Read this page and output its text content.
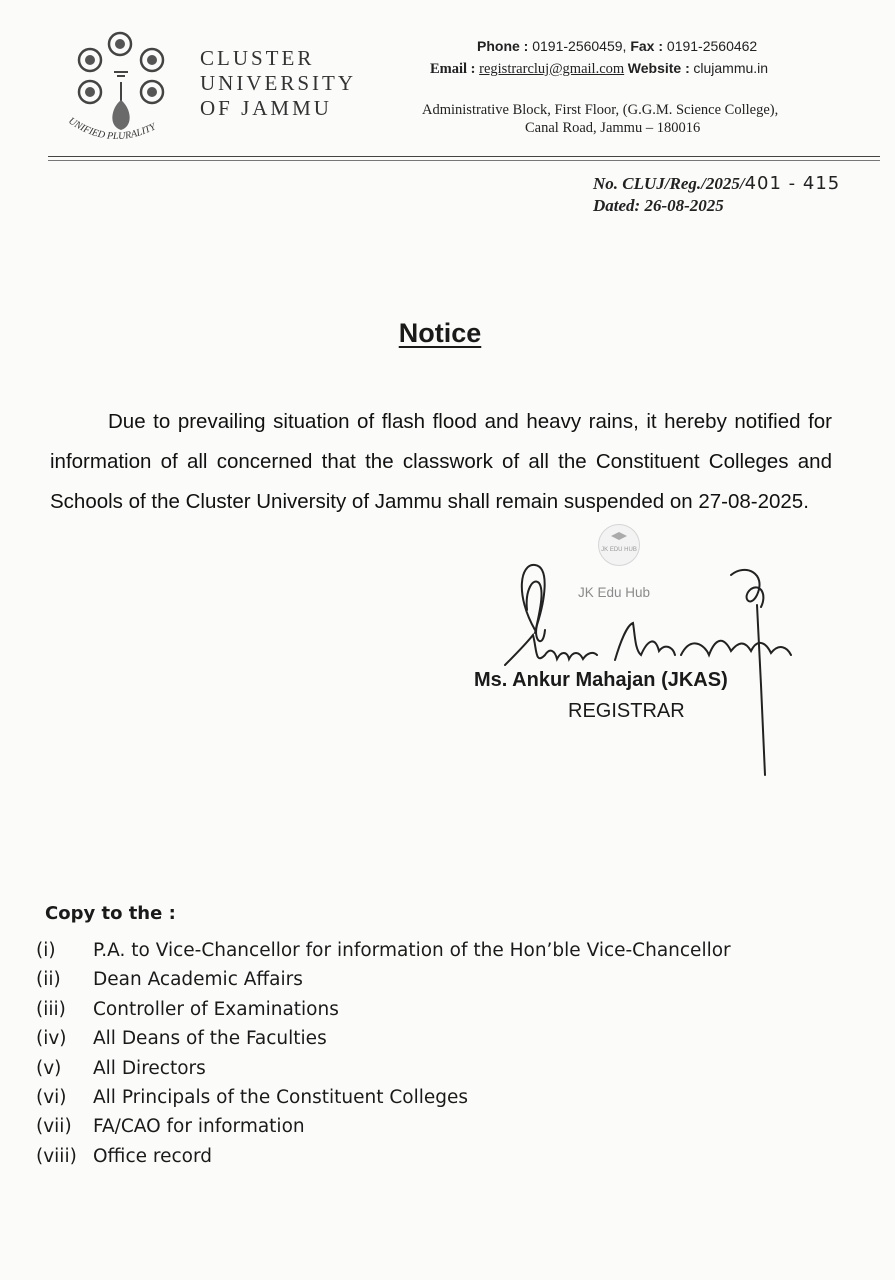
UNIFIED PLURALITY
CLUSTER
UNIVERSITY
OF JAMMU
Phone : 0191-2560459, Fax : 0191-2560462
Email : registrarcluj@gmail.com Website : clujammu.in
Administrative Block, First Floor, (G.G.M. Science College),
Canal Road, Jammu – 180016
No. CLUJ/Reg./2025/401 - 415
Dated: 26-08-2025
Notice

Due to prevailing situation of flash flood and heavy rains, it hereby notified for information of all concerned that the classwork of all the Constituent Colleges and Schools of the Cluster University of Jammu shall remain suspended on 27-08-2025.

JK EDU HUB
JK Edu Hub
Ms. Ankur Mahajan (JKAS)
REGISTRAR
Copy to the :
(i) P.A. to Vice-Chancellor for information of the Hon’ble Vice-Chancellor
(ii) Dean Academic Affairs
(iii) Controller of Examinations
(iv) All Deans of the Faculties
(v) All Directors
(vi) All Principals of the Constituent Colleges
(vii) FA/CAO for information
(viii) Office record
